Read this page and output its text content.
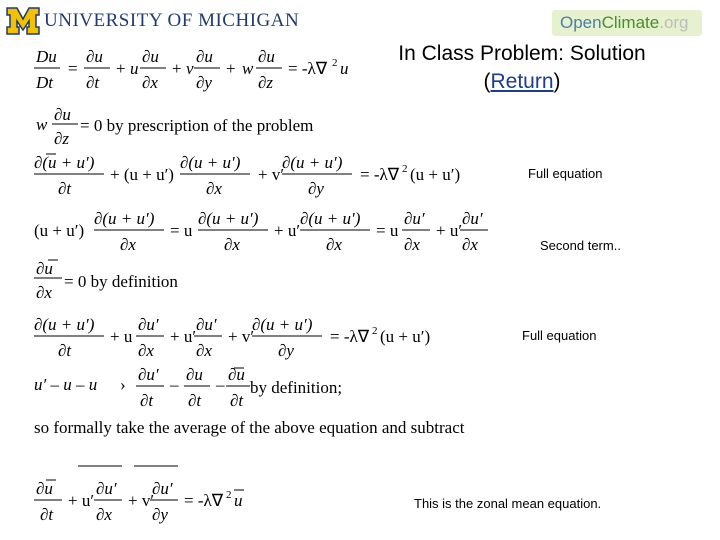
UNIVERSITY OF MICHIGAN	OpenClimate.org
In Class Problem: Solution
(Return)
Full equation
Second term..
Full equation
This is the zonal mean equation.
Du
Dt
=
∂u
∂t
+ u
∂u
∂x
+ v
∂u
∂y
+ w
∂u
∂z
= -λ∇ 2 u
w
∂u
∂z
= 0 by prescription of the problem
∂(u + u′)
∂t
+ (u + u′)
∂(u + u′)
∂x
+ v′
∂(u + u′)
∂y
= -λ∇ 2 (u + u′)
(u + u′)
∂(u + u′)
∂x
= u
∂(u + u′)
∂x
+ u′
∂(u + u′)
∂x
= u
∂u′
∂x
+ u′
∂u′
∂x
∂u
∂x
= 0 by definition
∂(u + u′)
∂t
+ u
∂u′
∂x
+ u′
∂u′
∂x
+ v′
∂(u + u′)
∂y
= -λ∇ 2 (u + u′)
u′ – u – u ›
∂u′
∂t
–
∂u
∂t
–
∂u
∂t
by definition;
so formally take the average of the above equation and subtract
∂u
∂t
+ u′
∂u′
∂x
+ v′
∂u′
∂y
= -λ∇ 2 u
